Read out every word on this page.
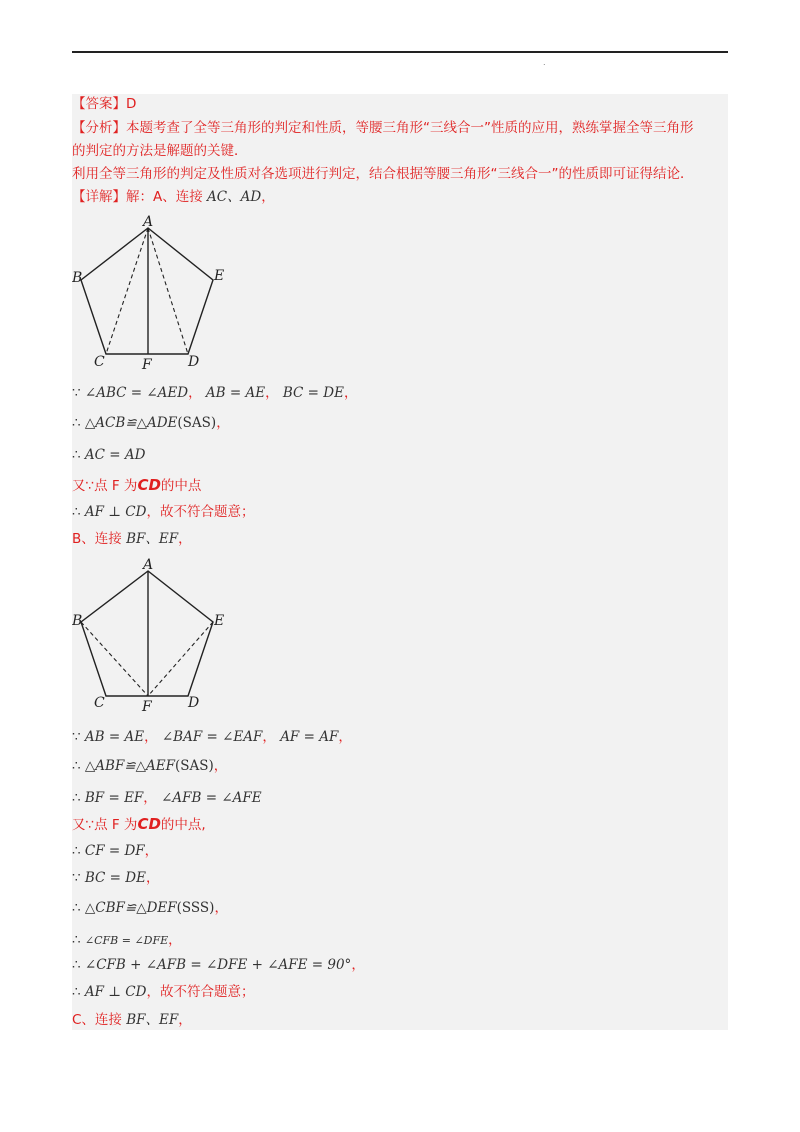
.
【答案】D
【分析】本题考查了全等三角形的判定和性质，等腰三角形“三线合一”性质的应用，熟练掌握全等三角形
的判定的方法是解题的关键．
利用全等三角形的判定及性质对各选项进行判定，结合根据等腰三角形“三线合一”的性质即可证得结论．
【详解】解：A、连接 AC、AD，
A
B	E
C	F	D
∵ ∠ABC = ∠AED， AB = AE， BC = DE，
∴ △ACB≌△ADE(SAS)，
∴ AC = AD
又∵点 F 为CD的中点
∴ AF ⊥ CD，故不符合题意；
B、连接 BF、EF，
A
B	E
C	F	D
∵ AB = AE， ∠BAF = ∠EAF， AF = AF，
∴ △ABF≌△AEF(SAS)，
∴ BF = EF， ∠AFB = ∠AFE
又∵点 F 为CD的中点,
∴ CF = DF，
∵ BC = DE，
∴ △CBF≌△DEF(SSS)，
∴ ∠CFB = ∠DFE，
∴ ∠CFB + ∠AFB = ∠DFE + ∠AFE = 90°，
∴ AF ⊥ CD，故不符合题意；
C、连接 BF、EF，
